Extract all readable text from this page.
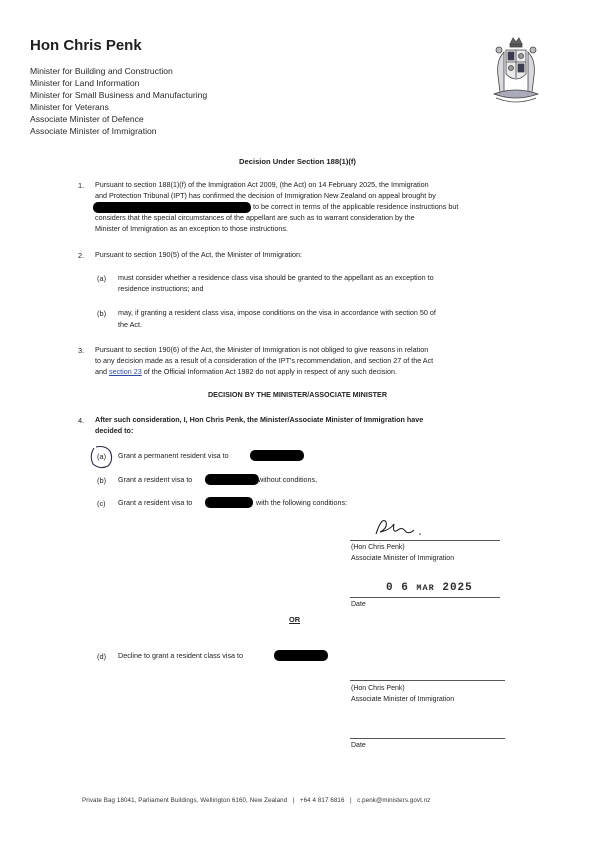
Hon Chris Penk
Minister for Building and Construction
Minister for Land Information
Minister for Small Business and Manufacturing
Minister for Veterans
Associate Minister of Defence
Associate Minister of Immigration
Decision Under Section 188(1)(f)
1. Pursuant to section 188(1)(f) of the Immigration Act 2009, (the Act) on 14 February 2025, the Immigration
and Protection Tribunal (IPT) has confirmed the decision of Immigration New Zealand on appeal brought by
to be correct in terms of the applicable residence instructions but
considers that the special circumstances of the appellant are such as to warrant consideration by the
Minister of Immigration as an exception to those instructions.
2. Pursuant to section 190(5) of the Act, the Minister of Immigration:
(a) must consider whether a residence class visa should be granted to the appellant as an exception to
residence instructions; and
(b) may, if granting a resident class visa, impose conditions on the visa in accordance with section 50 of
the Act.
3. Pursuant to section 190(6) of the Act, the Minister of Immigration is not obliged to give reasons in relation
to any decision made as a result of a consideration of the IPT's recommendation, and section 27 of the Act
and section 23 of the Official Information Act 1982 do not apply in respect of any such decision.
DECISION BY THE MINISTER/ASSOCIATE MINISTER
4. After such consideration, I, Hon Chris Penk, the Minister/Associate Minister of Immigration have
decided to:
(a) Grant a permanent resident visa to
(b) Grant a resident visa to	without conditions,
(c) Grant a resident visa to	with the following conditions:
(Hon Chris Penk)
Associate Minister of Immigration
0 6 MAR 2025
Date
OR
(d) Decline to grant a resident class visa to
(Hon Chris Penk)
Associate Minister of Immigration
Date
Private Bag 18041, Parliament Buildings, Wellington 6160, New Zealand | +64 4 817 6816 | c.penk@ministers.govt.nz
